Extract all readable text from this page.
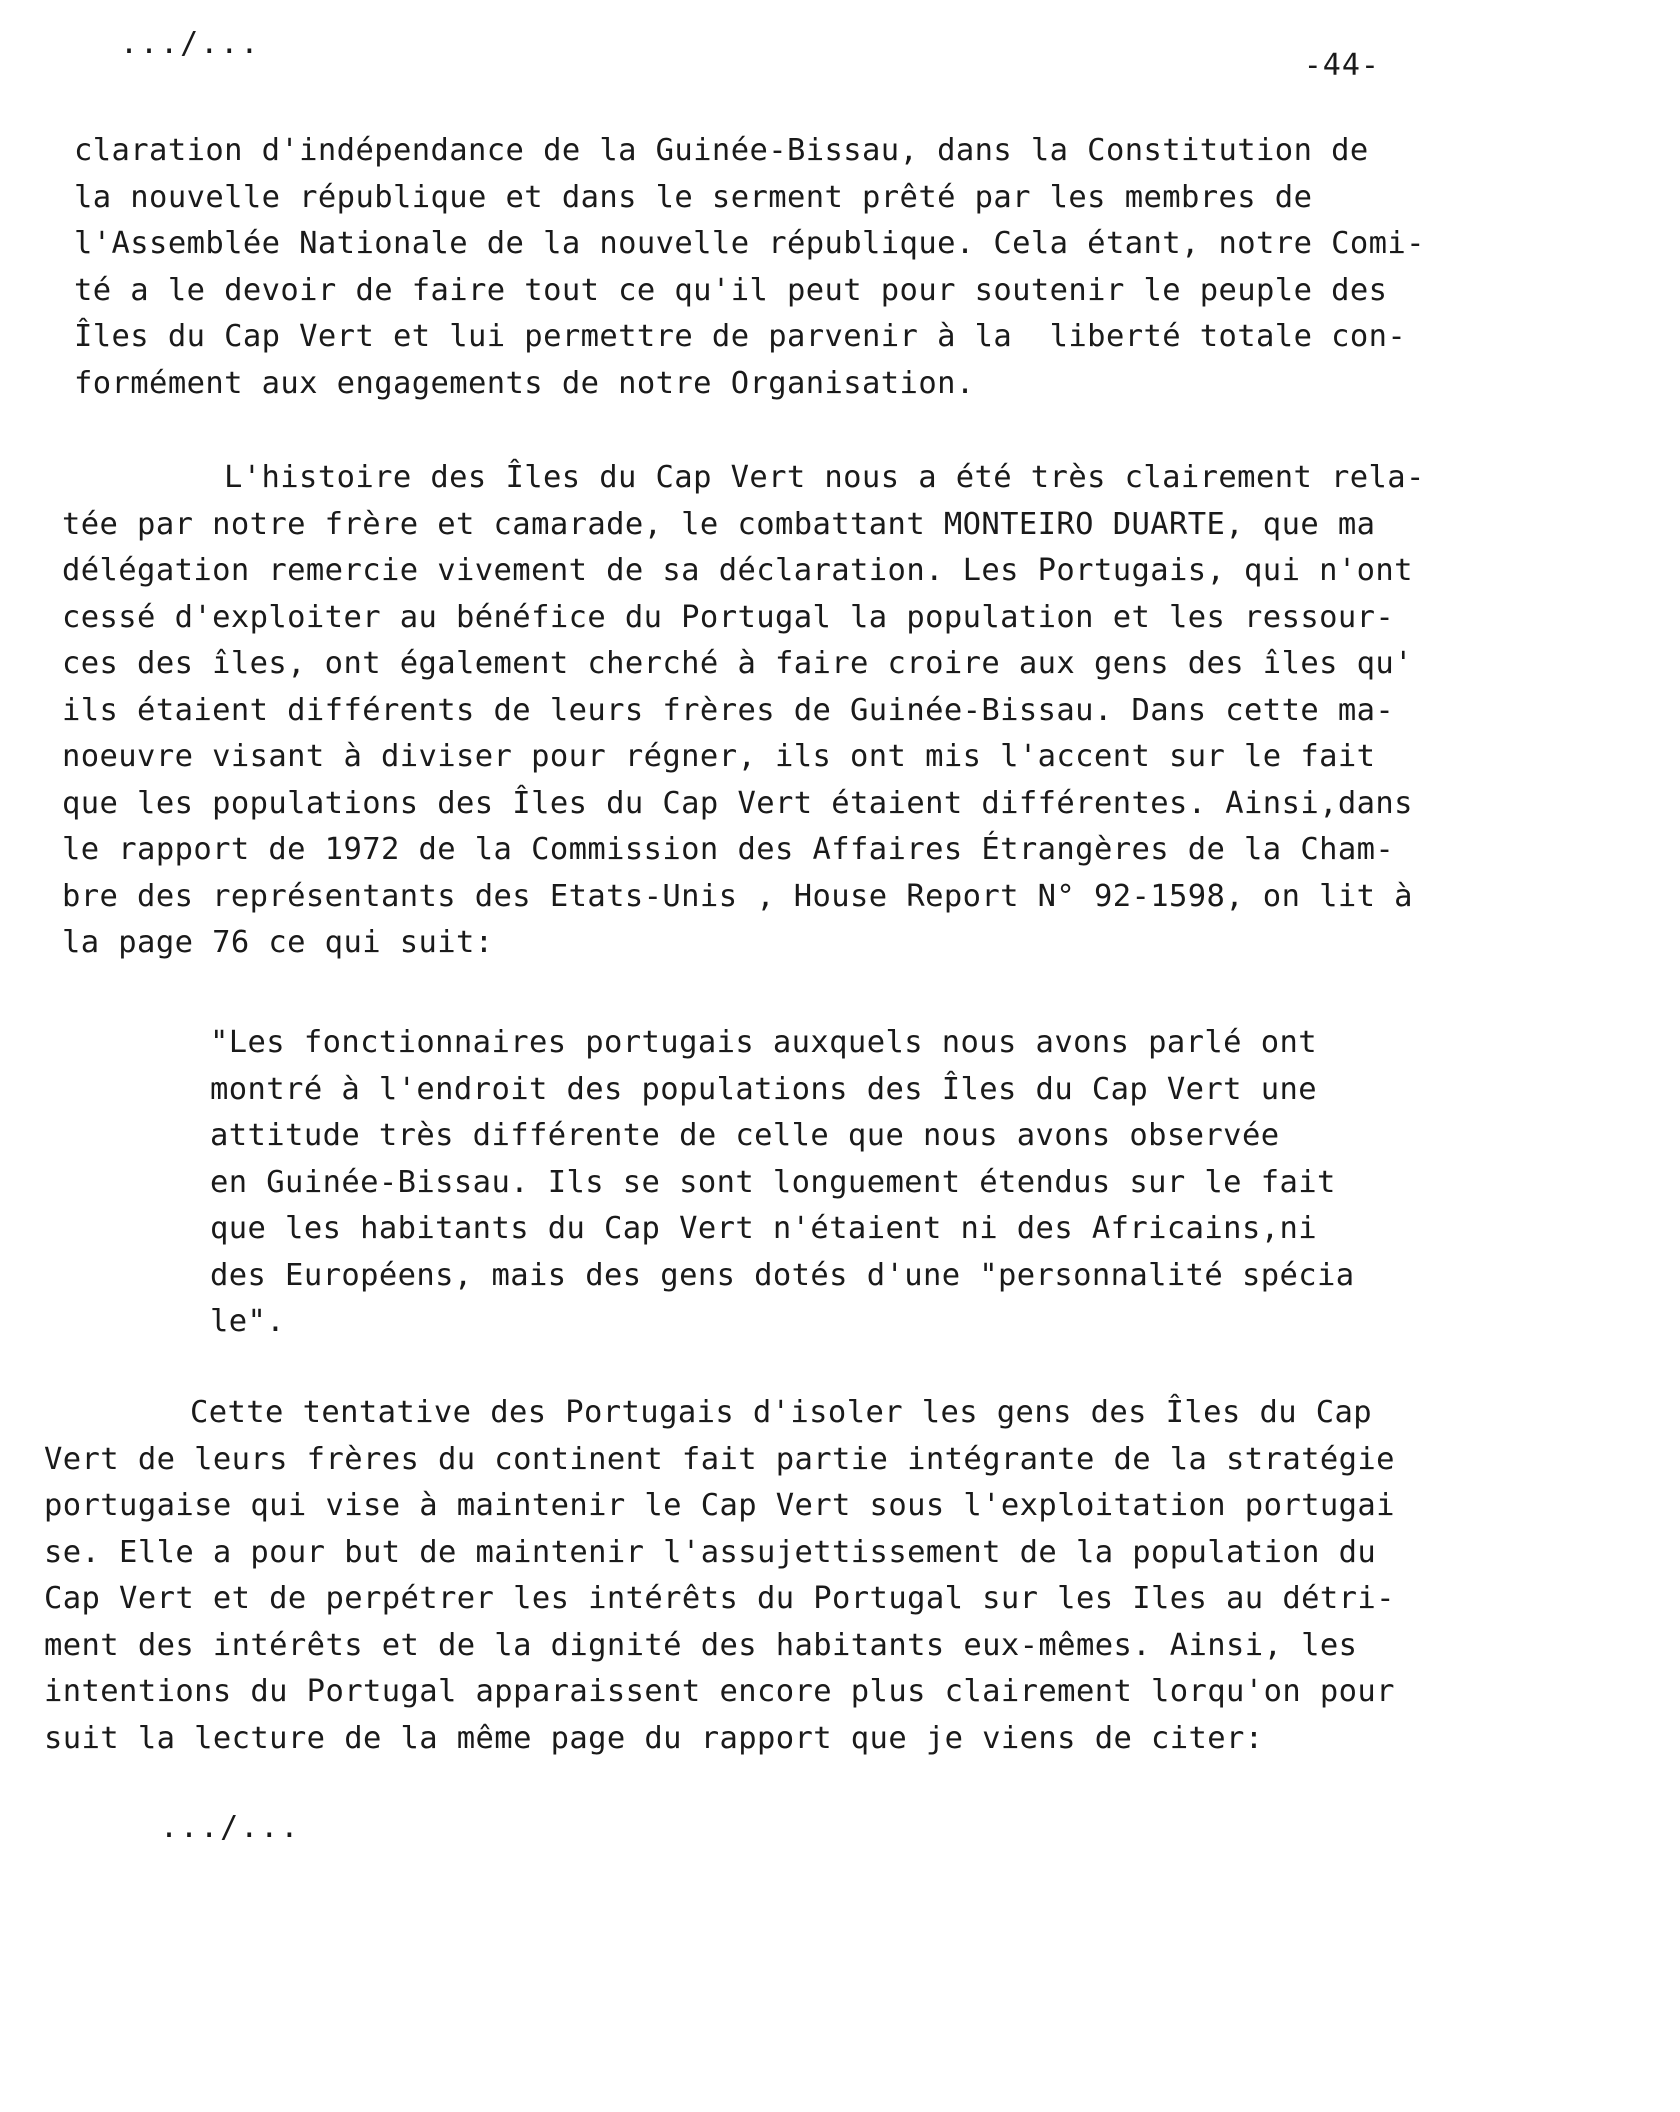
.../...
-44-
claration d'indépendance de la Guinée-Bissau, dans la Constitution de
la nouvelle république et dans le serment prêté par les membres de
l'Assemblée Nationale de la nouvelle république. Cela étant, notre Comi-
té a le devoir de faire tout ce qu'il peut pour soutenir le peuple des
Îles du Cap Vert et lui permettre de parvenir à la  liberté totale con-
formément aux engagements de notre Organisation.
L'histoire des Îles du Cap Vert nous a été très clairement rela-
tée par notre frère et camarade, le combattant MONTEIRO DUARTE, que ma
délégation remercie vivement de sa déclaration. Les Portugais, qui n'ont
cessé d'exploiter au bénéfice du Portugal la population et les ressour-
ces des îles, ont également cherché à faire croire aux gens des îles qu'
ils étaient différents de leurs frères de Guinée-Bissau. Dans cette ma-
noeuvre visant à diviser pour régner, ils ont mis l'accent sur le fait
que les populations des Îles du Cap Vert étaient différentes. Ainsi,dans
le rapport de 1972 de la Commission des Affaires Étrangères de la Cham-
bre des représentants des Etats-Unis , House Report N° 92-1598, on lit à
la page 76 ce qui suit:
"Les fonctionnaires portugais auxquels nous avons parlé ont
montré à l'endroit des populations des Îles du Cap Vert une
attitude très différente de celle que nous avons observée
en Guinée-Bissau. Ils se sont longuement étendus sur le fait
que les habitants du Cap Vert n'étaient ni des Africains,ni
des Européens, mais des gens dotés d'une "personnalité spécia
le".
Cette tentative des Portugais d'isoler les gens des Îles du Cap
Vert de leurs frères du continent fait partie intégrante de la stratégie
portugaise qui vise à maintenir le Cap Vert sous l'exploitation portugai
se. Elle a pour but de maintenir l'assujettissement de la population du
Cap Vert et de perpétrer les intérêts du Portugal sur les Iles au détri-
ment des intérêts et de la dignité des habitants eux-mêmes. Ainsi, les
intentions du Portugal apparaissent encore plus clairement lorqu'on pour
suit la lecture de la même page du rapport que je viens de citer:
.../...
